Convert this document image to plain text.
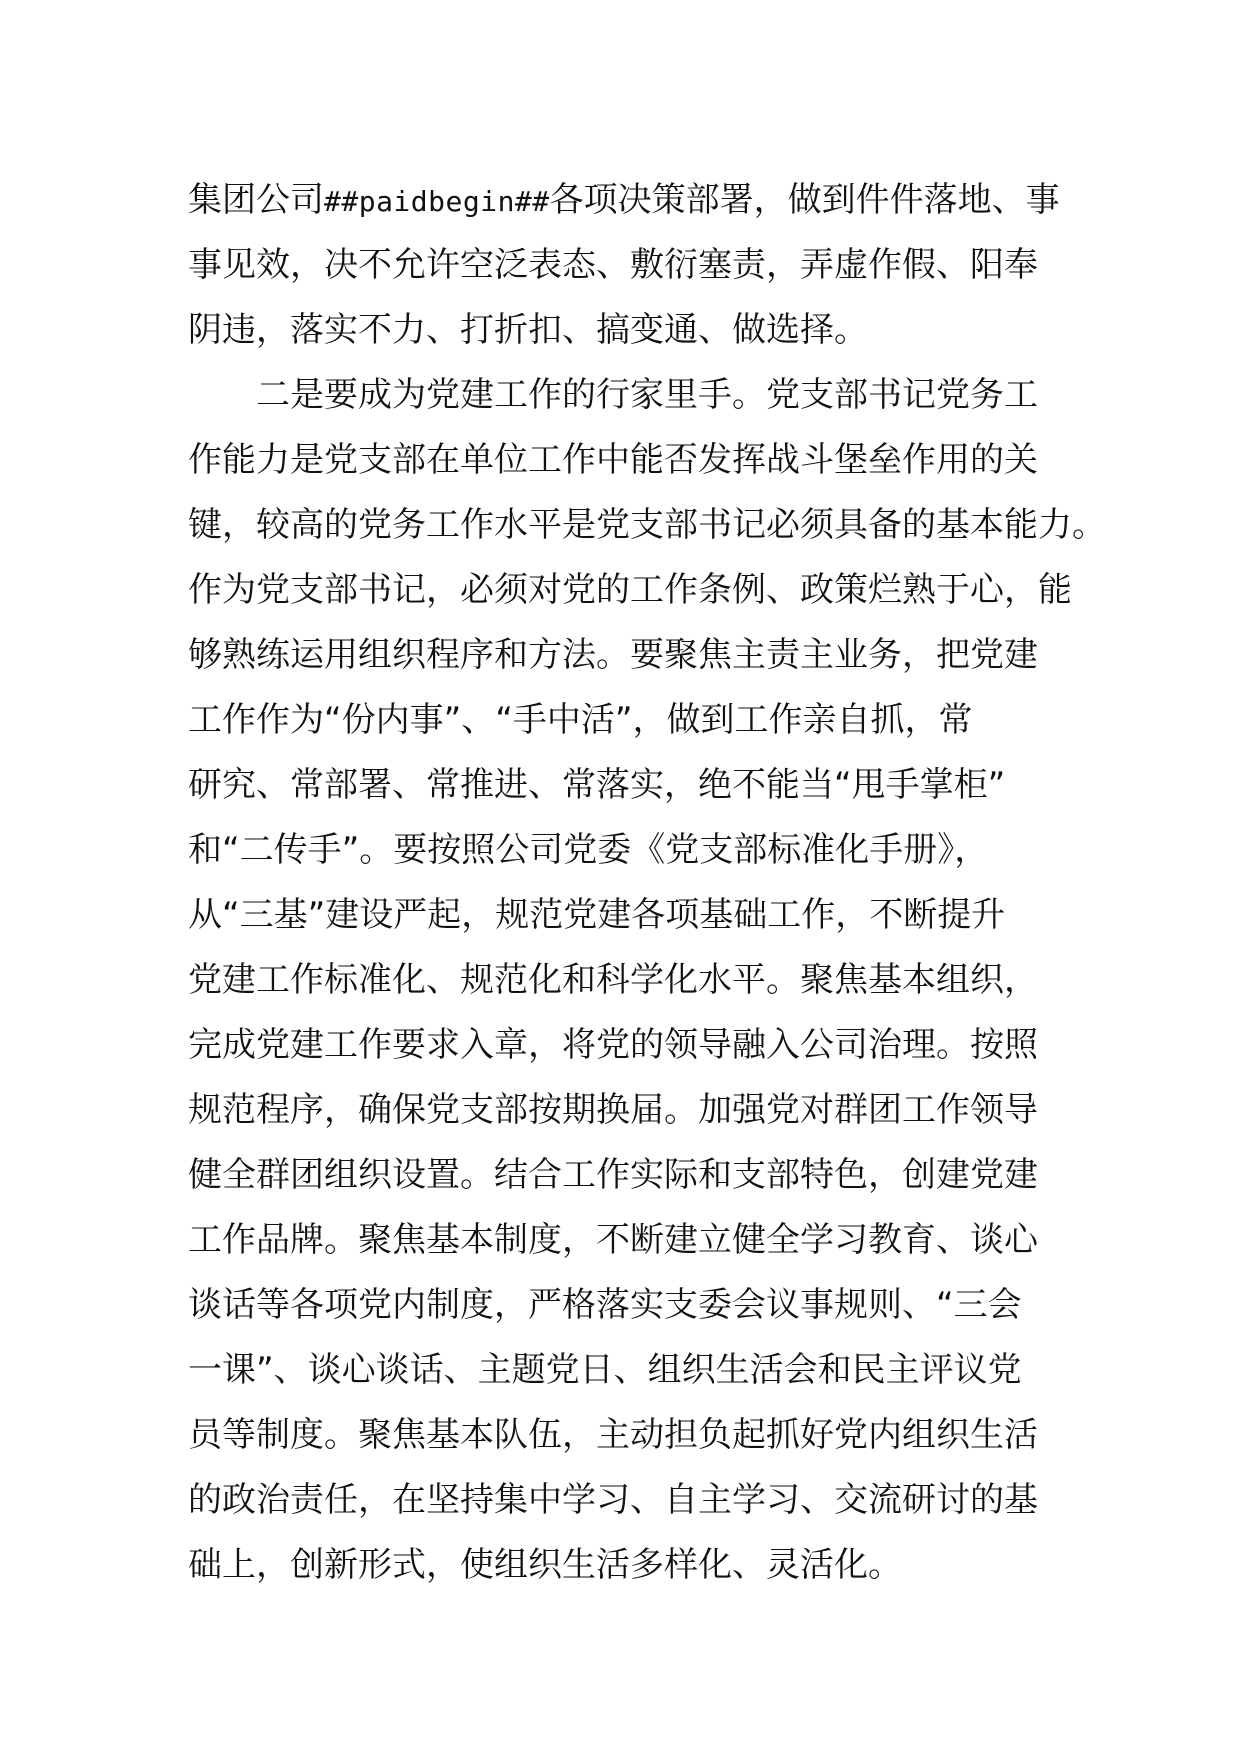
集团公司##paidbegin##各项决策部署，做到件件落地、事
事见效，决不允许空泛表态、敷衍塞责，弄虚作假、阳奉
阴违，落实不力、打折扣、搞变通、做选择。
　　二是要成为党建工作的行家里手。党支部书记党务工
作能力是党支部在单位工作中能否发挥战斗堡垒作用的关
键，较高的党务工作水平是党支部书记必须具备的基本能力。
作为党支部书记，必须对党的工作条例、政策烂熟于心，能
够熟练运用组织程序和方法。要聚焦主责主业务，把党建
工作作为“份内事”、“手中活”，做到工作亲自抓，常
研究、常部署、常推进、常落实，绝不能当“甩手掌柜”
和“二传手”。要按照公司党委《党支部标准化手册》，
从“三基”建设严起，规范党建各项基础工作，不断提升
党建工作标准化、规范化和科学化水平。聚焦基本组织，
完成党建工作要求入章，将党的领导融入公司治理。按照
规范程序，确保党支部按期换届。加强党对群团工作领导
健全群团组织设置。结合工作实际和支部特色，创建党建
工作品牌。聚焦基本制度，不断建立健全学习教育、谈心
谈话等各项党内制度，严格落实支委会议事规则、“三会
一课”、谈心谈话、主题党日、组织生活会和民主评议党
员等制度。聚焦基本队伍，主动担负起抓好党内组织生活
的政治责任，在坚持集中学习、自主学习、交流研讨的基
础上，创新形式，使组织生活多样化、灵活化。
